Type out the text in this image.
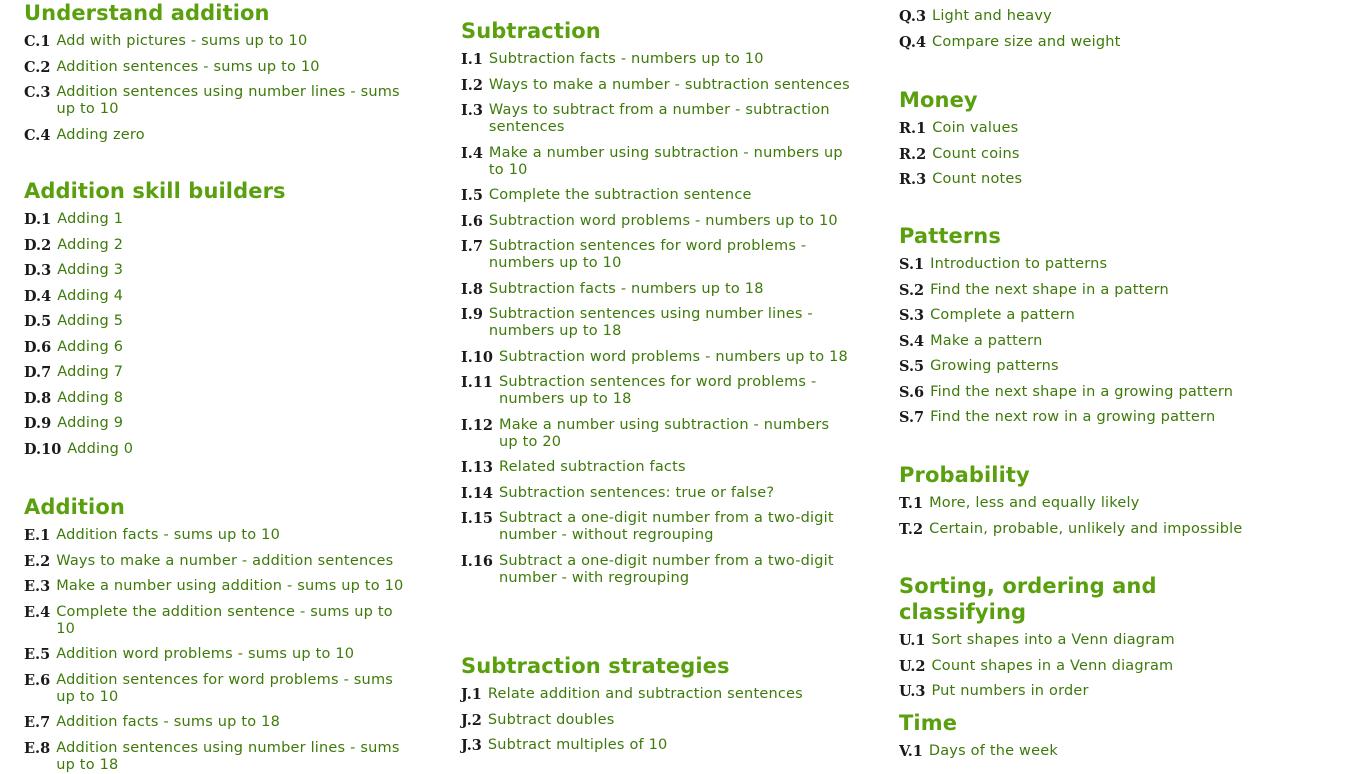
Understand addition
C.1 Add with pictures - sums up to 10
C.2 Addition sentences - sums up to 10
C.3 Addition sentences using number lines - sums up to 10
C.4 Adding zero
Addition skill builders
D.1 Adding 1
D.2 Adding 2
D.3 Adding 3
D.4 Adding 4
D.5 Adding 5
D.6 Adding 6
D.7 Adding 7
D.8 Adding 8
D.9 Adding 9
D.10 Adding 0
Addition
E.1 Addition facts - sums up to 10
E.2 Ways to make a number - addition sentences
E.3 Make a number using addition - sums up to 10
E.4 Complete the addition sentence - sums up to 10
E.5 Addition word problems - sums up to 10
E.6 Addition sentences for word problems - sums up to 10
E.7 Addition facts - sums up to 18
E.8 Addition sentences using number lines - sums up to 18
Subtraction
I.1 Subtraction facts - numbers up to 10
I.2 Ways to make a number - subtraction sentences
I.3 Ways to subtract from a number - subtraction sentences
I.4 Make a number using subtraction - numbers up to 10
I.5 Complete the subtraction sentence
I.6 Subtraction word problems - numbers up to 10
I.7 Subtraction sentences for word problems - numbers up to 10
I.8 Subtraction facts - numbers up to 18
I.9 Subtraction sentences using number lines - numbers up to 18
I.10 Subtraction word problems - numbers up to 18
I.11 Subtraction sentences for word problems - numbers up to 18
I.12 Make a number using subtraction - numbers up to 20
I.13 Related subtraction facts
I.14 Subtraction sentences: true or false?
I.15 Subtract a one-digit number from a two-digit number - without regrouping
I.16 Subtract a one-digit number from a two-digit number - with regrouping
Subtraction strategies
J.1 Relate addition and subtraction sentences
J.2 Subtract doubles
J.3 Subtract multiples of 10
Q.3 Light and heavy
Q.4 Compare size and weight
Money
R.1 Coin values
R.2 Count coins
R.3 Count notes
Patterns
S.1 Introduction to patterns
S.2 Find the next shape in a pattern
S.3 Complete a pattern
S.4 Make a pattern
S.5 Growing patterns
S.6 Find the next shape in a growing pattern
S.7 Find the next row in a growing pattern
Probability
T.1 More, less and equally likely
T.2 Certain, probable, unlikely and impossible
Sorting, ordering and classifying
U.1 Sort shapes into a Venn diagram
U.2 Count shapes in a Venn diagram
U.3 Put numbers in order
Time
V.1 Days of the week
